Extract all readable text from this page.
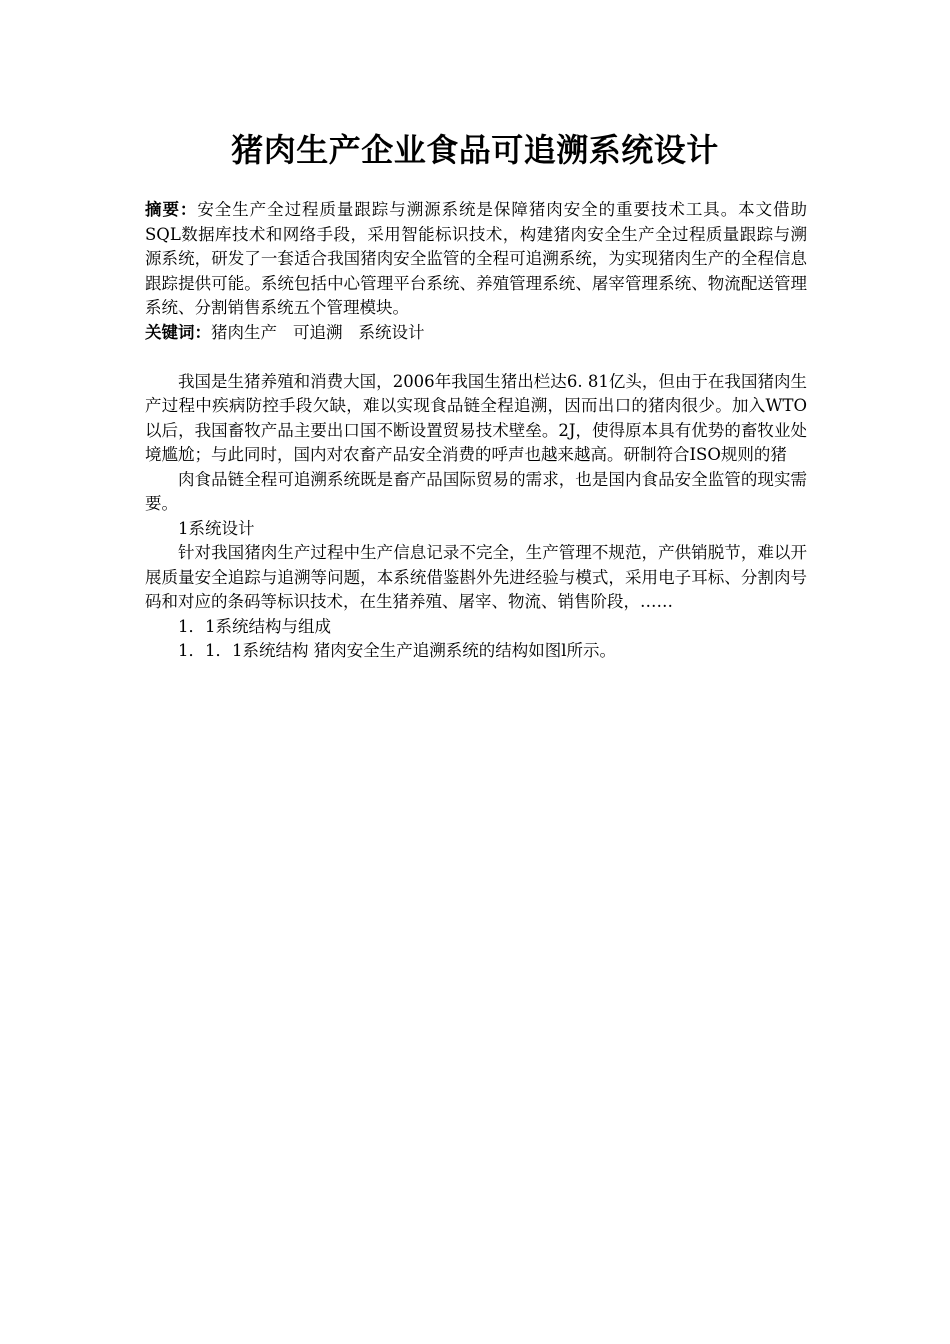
猪肉生产企业食品可追溯系统设计

摘要：安全生产全过程质量跟踪与溯源系统是保障猪肉安全的重要技术工具。本文借助SQL数据库技术和网络手段，采用智能标识技术，构建猪肉安全生产全过程质量跟踪与溯源系统，研发了一套适合我国猪肉安全监管的全程可追溯系统，为实现猪肉生产的全程信息跟踪提供可能。系统包括中心管理平台系统、养殖管理系统、屠宰管理系统、物流配送管理系统、分割销售系统五个管理模块。

关键词：猪肉生产 可追溯 系统设计

我国是生猪养殖和消费大国，2006年我国生猪出栏达6. 81亿头，但由于在我国猪肉生产过程中疾病防控手段欠缺，难以实现食品链全程追溯，因而出口的猪肉很少。加入WTO以后，我国畜牧产品主要出口国不断设置贸易技术壁垒。2J，使得原本具有优势的畜牧业处境尴尬；与此同时，国内对农畜产品安全消费的呼声也越来越高。研制符合ISO规则的猪

肉食品链全程可追溯系统既是畜产品国际贸易的需求，也是国内食品安全监管的现实需要。

1系统设计

针对我国猪肉生产过程中生产信息记录不完全，生产管理不规范，产供销脱节，难以开展质量安全追踪与追溯等问题，本系统借鉴斟外先进经验与模式，采用电子耳标、分割肉号码和对应的条码等标识技术，在生猪养殖、屠宰、物流、销售阶段，……

1．1系统结构与组成

1．1．1系统结构 猪肉安全生产追溯系统的结构如图l所示。
